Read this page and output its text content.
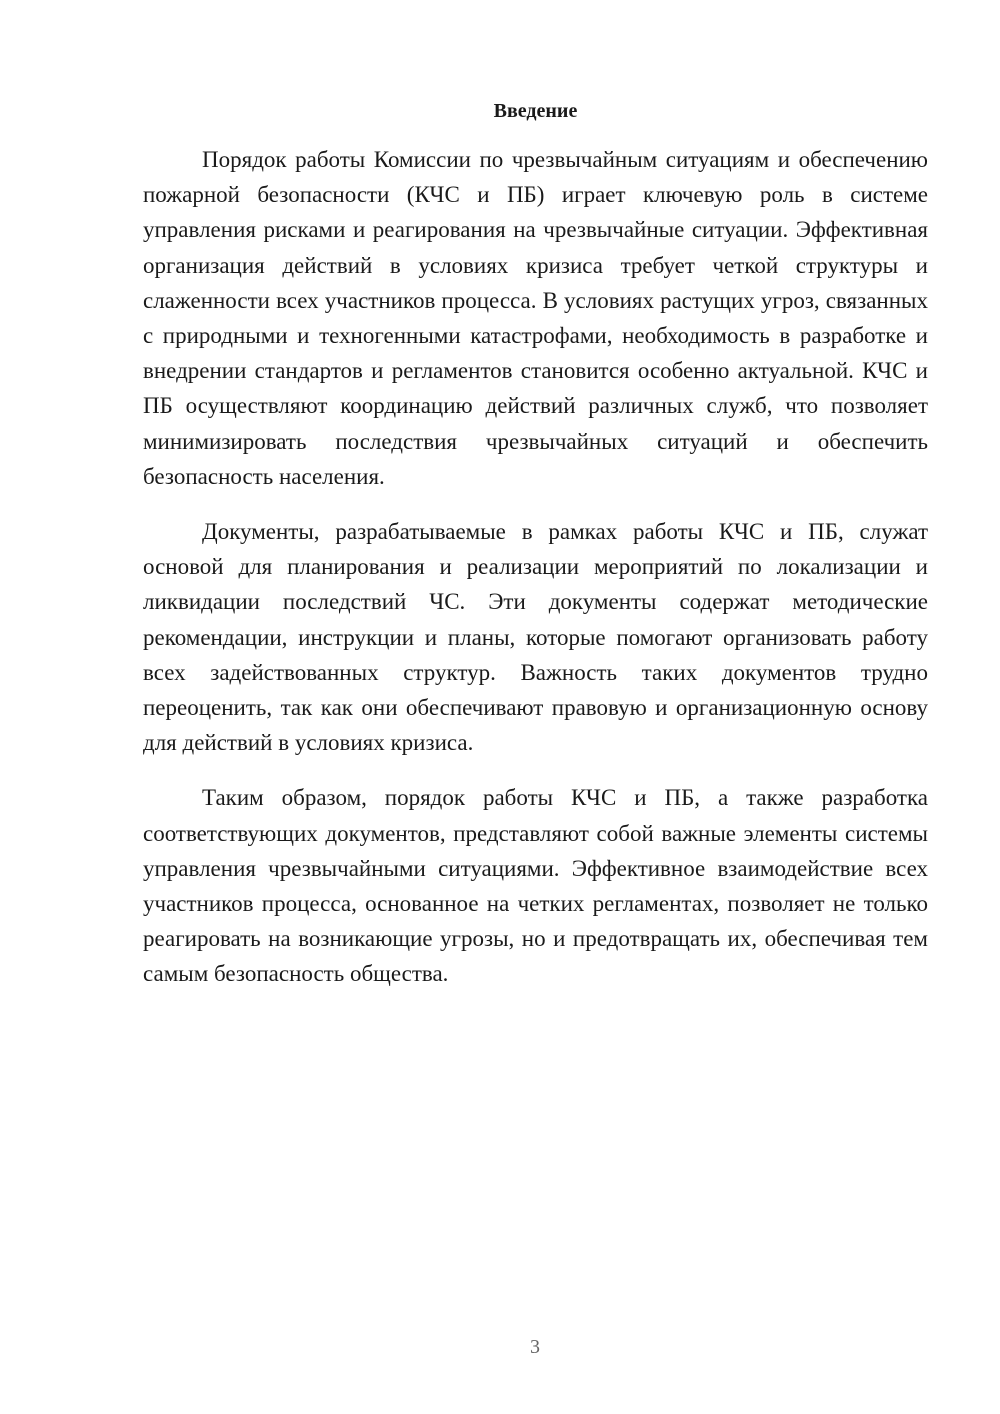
Введение

Порядок работы Комиссии по чрезвычайным ситуациям и обеспечению пожарной безопасности (КЧС и ПБ) играет ключевую роль в системе управления рисками и реагирования на чрезвычайные ситуации. Эффективная организация действий в условиях кризиса требует четкой структуры и слаженности всех участников процесса. В условиях растущих угроз, связанных с природными и техногенными катастрофами, необходимость в разработке и внедрении стандартов и регламентов становится особенно актуальной. КЧС и ПБ осуществляют координацию действий различных служб, что позволяет минимизировать последствия чрезвычайных ситуаций и обеспечить безопасность населения.

Документы, разрабатываемые в рамках работы КЧС и ПБ, служат основой для планирования и реализации мероприятий по локализации и ликвидации последствий ЧС. Эти документы содержат методические рекомендации, инструкции и планы, которые помогают организовать работу всех задействованных структур. Важность таких документов трудно переоценить, так как они обеспечивают правовую и организационную основу для действий в условиях кризиса.

Таким образом, порядок работы КЧС и ПБ, а также разработка соответствующих документов, представляют собой важные элементы системы управления чрезвычайными ситуациями. Эффективное взаимодействие всех участников процесса, основанное на четких регламентах, позволяет не только реагировать на возникающие угрозы, но и предотвращать их, обеспечивая тем самым безопасность общества.

3
